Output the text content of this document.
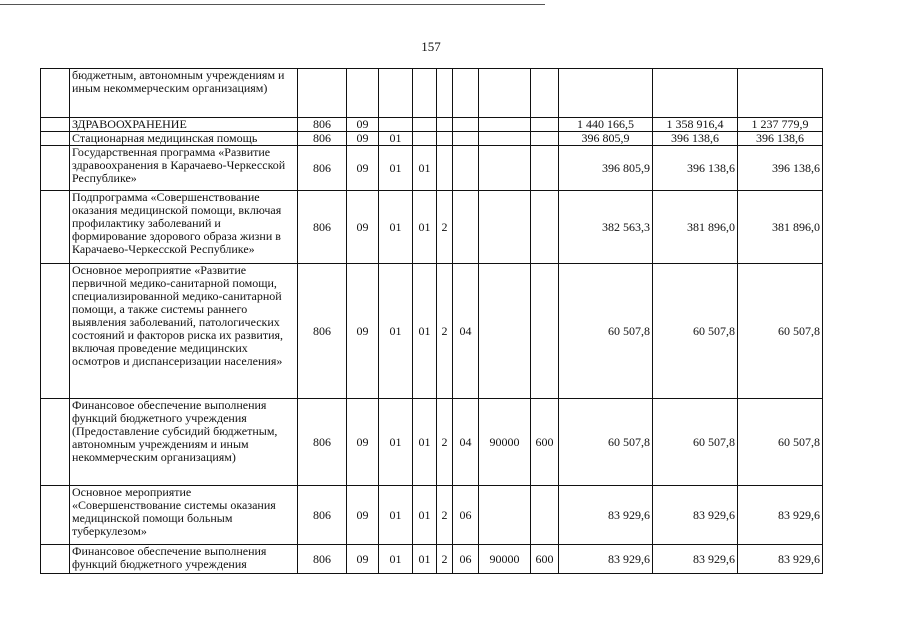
157
	бюджетным, автономным учреждениям и иным некоммерческим организациям)											
	ЗДРАВООХРАНЕНИЕ	806	09							1 440 166,5	1 358 916,4	1 237 779,9
	Стационарная медицинская помощь	806	09	01						396 805,9	396 138,6	396 138,6
	Государственная программа «Развитие здравоохранения в Карачаево-Черкесской Республике»	806	09	01	01					396 805,9	396 138,6	396 138,6
	Подпрограмма «Совершенствование оказания медицинской помощи, включая профилактику заболеваний и формирование здорового образа жизни в Карачаево-Черкесской Республике»	806	09	01	01	2				382 563,3	381 896,0	381 896,0
	Основное мероприятие «Развитие первичной медико-санитарной помощи, специализированной медико-санитарной помощи, а также системы раннего выявления заболеваний, патологических состояний и факторов риска их развития, включая проведение медицинских осмотров и диспансеризации населения»	806	09	01	01	2	04			60 507,8	60 507,8	60 507,8
	Финансовое обеспечение выполнения функций бюджетного учреждения (Предоставление субсидий бюджетным, автономным учреждениям и иным некоммерческим организациям)	806	09	01	01	2	04	90000	600	60 507,8	60 507,8	60 507,8
	Основное мероприятие «Совершенствование системы оказания медицинской помощи больным туберкулезом»	806	09	01	01	2	06			83 929,6	83 929,6	83 929,6
	Финансовое обеспечение выполнения функций бюджетного учреждения	806	09	01	01	2	06	90000	600	83 929,6	83 929,6	83 929,6
